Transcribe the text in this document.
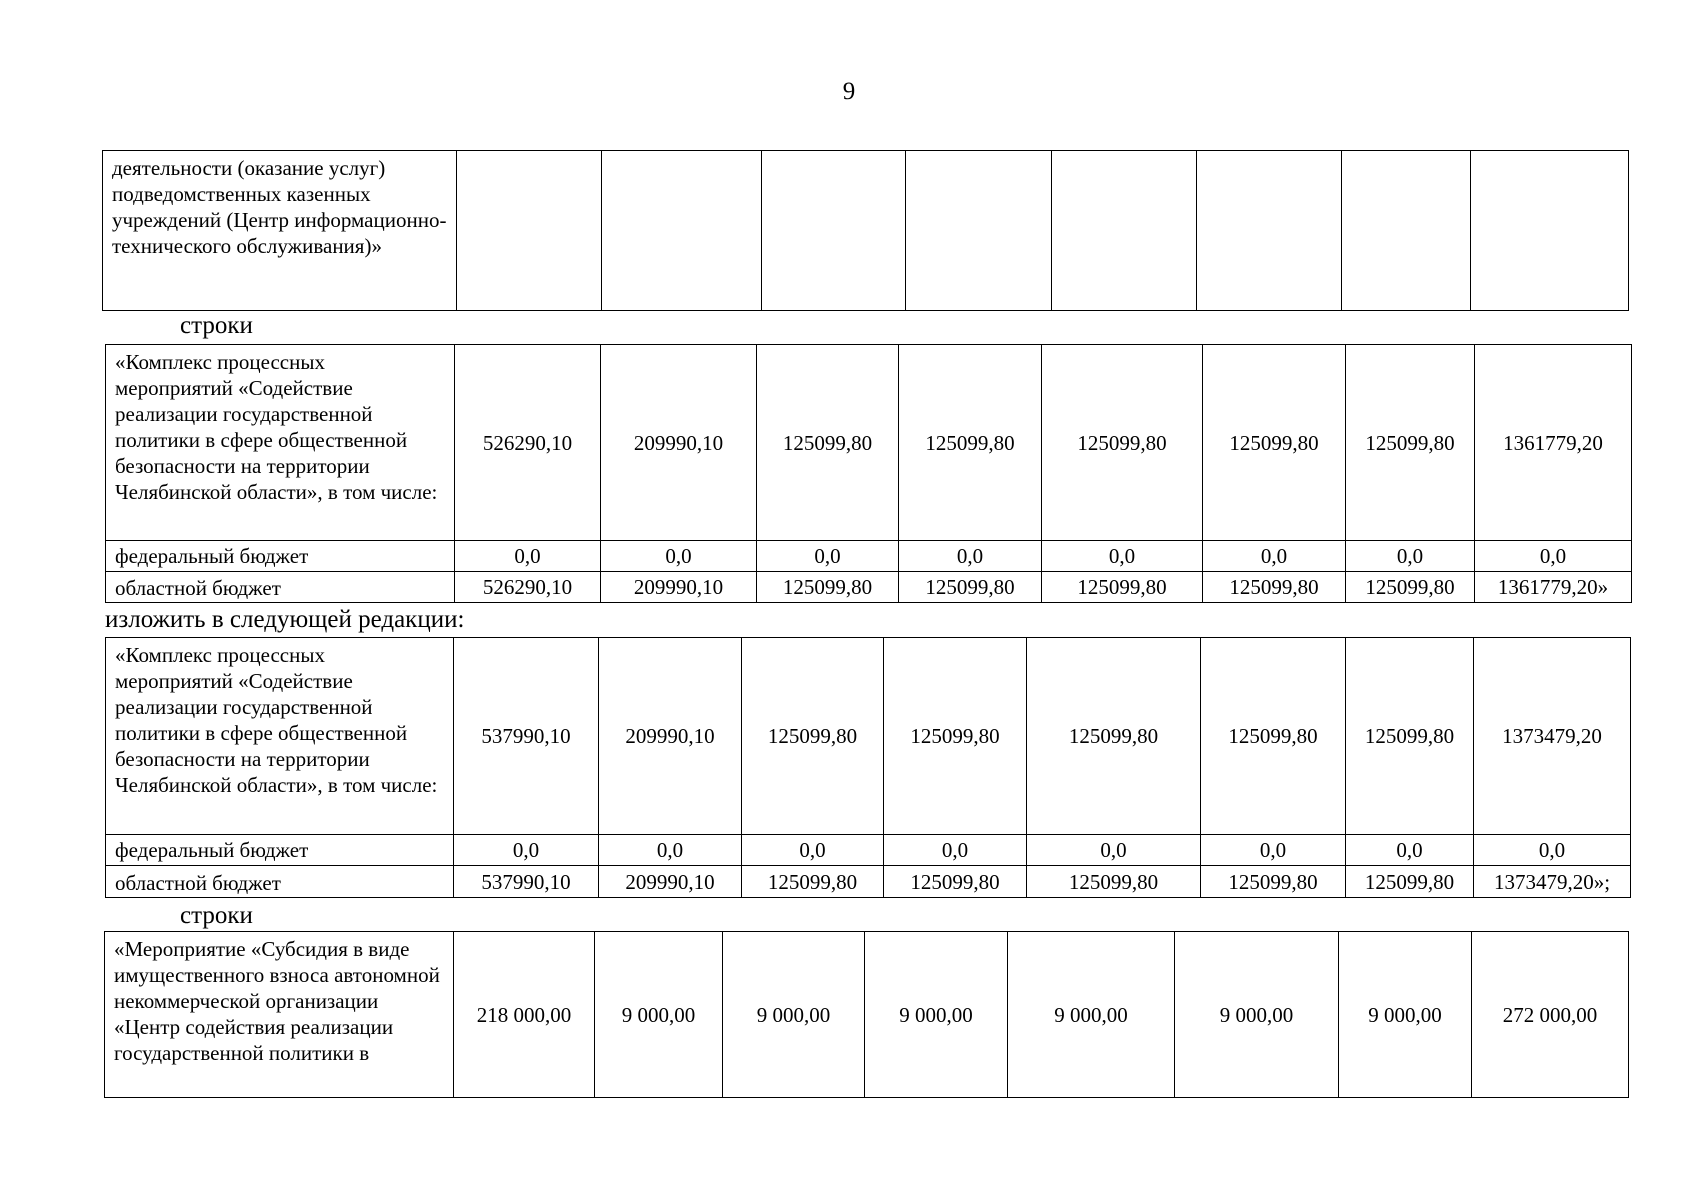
9
деятельности (оказание услуг) подведомственных казенных учреждений (Центр информационно-технического обслуживания)»								
строки
«Комплекс процессных мероприятий «Содействие реализации государственной политики в сфере общественной безопасности на территории Челябинской области», в том числе:	526290,10	209990,10	125099,80	125099,80	125099,80	125099,80	125099,80	1361779,20
федеральный бюджет	0,0	0,0	0,0	0,0	0,0	0,0	0,0	0,0
областной бюджет	526290,10	209990,10	125099,80	125099,80	125099,80	125099,80	125099,80	1361779,20»
изложить в следующей редакции:
«Комплекс процессных мероприятий «Содействие реализации государственной политики в сфере общественной безопасности на территории Челябинской области», в том числе:	537990,10	209990,10	125099,80	125099,80	125099,80	125099,80	125099,80	1373479,20
федеральный бюджет	0,0	0,0	0,0	0,0	0,0	0,0	0,0	0,0
областной бюджет	537990,10	209990,10	125099,80	125099,80	125099,80	125099,80	125099,80	1373479,20»;
строки
«Мероприятие «Субсидия в виде имущественного взноса автономной некоммерческой организации «Центр содействия реализации государственной политики в	218 000,00	9 000,00	9 000,00	9 000,00	9 000,00	9 000,00	9 000,00	272 000,00
